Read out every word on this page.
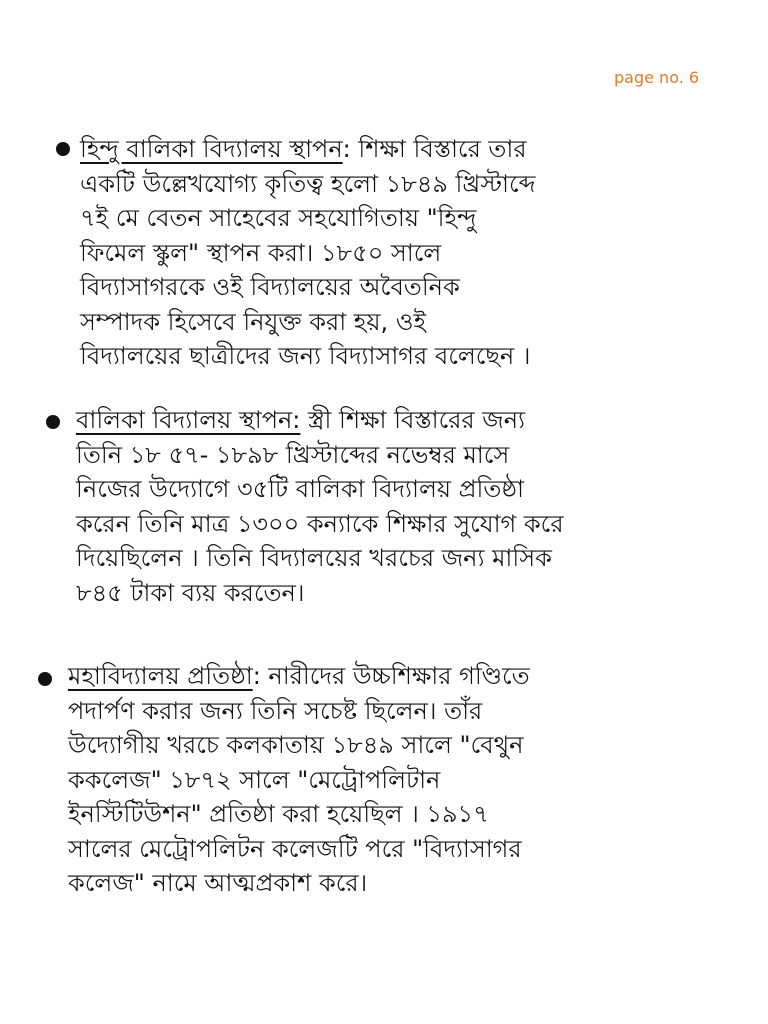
page no. 6
হিন্দু বালিকা বিদ্যালয় স্থাপন: শিক্ষা বিস্তারে তার
একটি উল্লেখযোগ্য কৃতিত্ব হলো ১৮৪৯ খ্রিস্টাব্দে
৭ই মে বেতন সাহেবের সহযোগিতায় "হিন্দু
ফিমেল স্কুল" স্থাপন করা। ১৮৫০ সালে
বিদ্যাসাগরকে ওই বিদ্যালয়ের অবৈতনিক
সম্পাদক হিসেবে নিযুক্ত করা হয়, ওই
বিদ্যালয়ের ছাত্রীদের জন্য বিদ্যাসাগর বলেছেন ।
বালিকা বিদ্যালয় স্থাপন: স্ত্রী শিক্ষা বিস্তারের জন্য
তিনি ১৮ ৫৭- ১৮৯৮ খ্রিস্টাব্দের নভেম্বর মাসে
নিজের উদ্যোগে ৩৫টি বালিকা বিদ্যালয় প্রতিষ্ঠা
করেন তিনি মাত্র ১৩০০ কন্যাকে শিক্ষার সুযোগ করে
দিয়েছিলেন । তিনি বিদ্যালয়ের খরচের জন্য মাসিক
৮৪৫ টাকা ব্যয় করতেন।
মহাবিদ্যালয় প্রতিষ্ঠা: নারীদের উচ্চশিক্ষার গণ্ডিতে
পদার্পণ করার জন্য তিনি সচেষ্ট ছিলেন। তাঁর
উদ্যোগীয় খরচে কলকাতায় ১৮৪৯ সালে "বেথুন
ককলেজ" ১৮৭২ সালে "মেট্রোপলিটান
ইনস্টিটিউশন" প্রতিষ্ঠা করা হয়েছিল । ১৯১৭
সালের মেট্রোপলিটন কলেজটি পরে "বিদ্যাসাগর
কলেজ" নামে আত্মপ্রকাশ করে।
